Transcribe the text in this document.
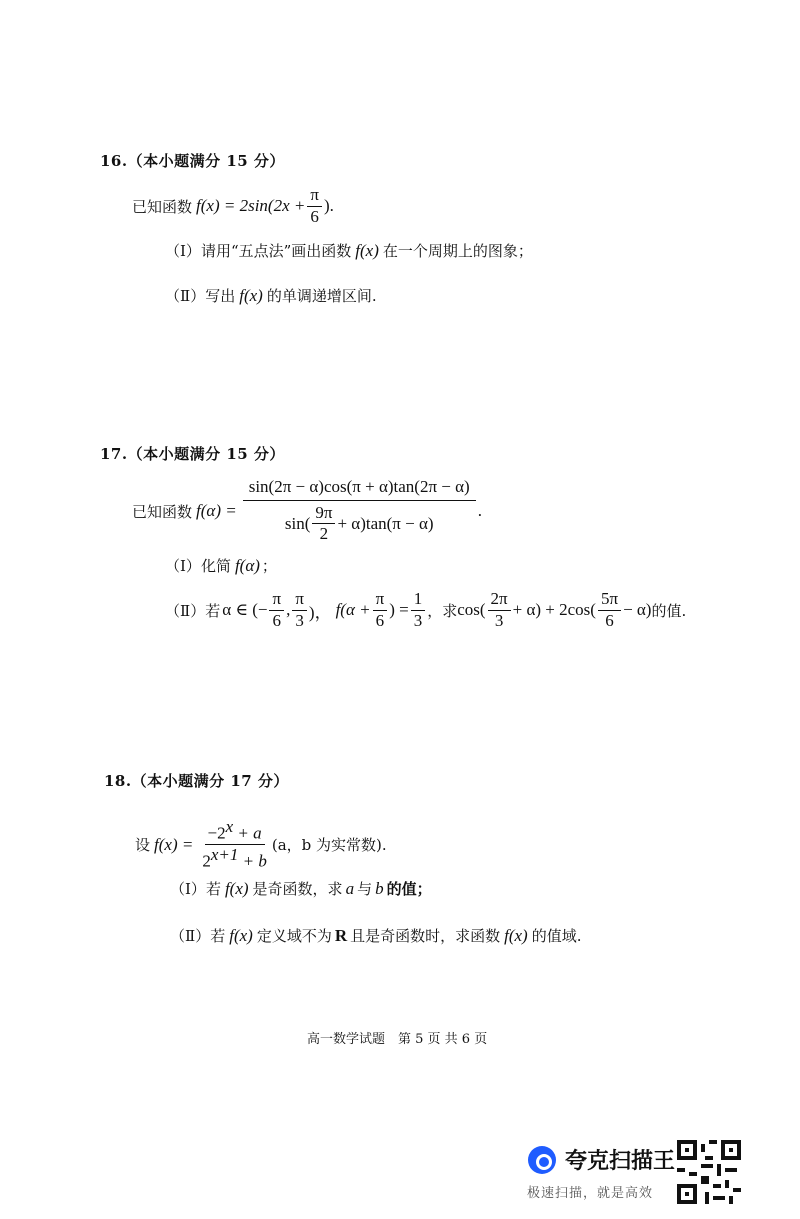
16.（本小题满分 15 分）
已知函数 $f(x) = 2\sin(2x + \frac{\pi}{6}$ ) .
（Ⅰ） 请用“五点法”画出函数 f(x) 在一个周期上的图象；
（Ⅱ） 写出 f(x) 的单调递增区间.
17.（本小题满分 15 分）
已知函数 $f(\alpha) = \frac{\sin(2\pi - \alpha)\cos(\pi + \alpha)\tan(2\pi - \alpha)}{\sin( \frac{9\pi}{2} + \alpha)\tan(\pi - \alpha)}$ .
（Ⅰ） 化简 f(α) ；
（Ⅱ） 若 α ∈ (− $\frac{\pi}{6}$ , $\frac{\pi}{3}$ )， $f(\alpha + \frac{\pi}{6}$ ) = $\frac{1}{3}$ ，求 $\cos( \frac{2\pi}{3} + \alpha) + 2\cos( \frac{5\pi}{6} - \alpha)$ 的值.
18.（本小题满分 17 分）
设 $f(x) = \frac{-2^x + a}{2^{x+1} + b} (a$，b 为实常数).
（Ⅰ） 若 f(x) 是奇函数，求 a 与 b 的值；
（Ⅱ） 若 f(x) 定义域不为 R 且是奇函数时，求函数 f(x) 的值域.
高一数学试题　第 5 页 共 6 页
夸克扫描王
极速扫描，就是高效
